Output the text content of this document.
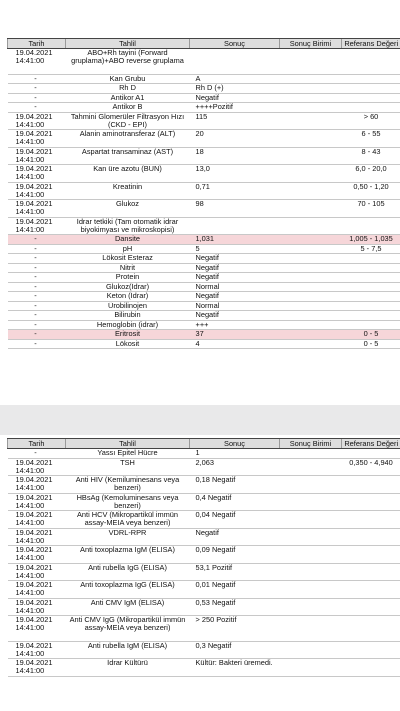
Tarih	Tahlil	Sonuç	Sonuç Birimi	Referans Değeri
19.04.2021
14:41:00	ABO+Rh tayini (Forward gruplama)+ABO reverse gruplama			
-	Kan Grubu	A		
-	Rh D	Rh D (+)		
-	Antikor A1	Negatif		
-	Antikor B	++++Pozitif		
19.04.2021
14:41:00	Tahmini Glomerüler Filtrasyon Hızı (CKD - EPI)	115		> 60
19.04.2021
14:41:00	Alanin aminotransferaz (ALT)	20		6 - 55
19.04.2021
14:41:00	Aspartat transaminaz (AST)	18		8 - 43
19.04.2021
14:41:00	Kan üre azotu (BUN)	13,0		6,0 - 20,0
19.04.2021
14:41:00	Kreatinin	0,71		0,50 - 1,20
19.04.2021
14:41:00	Glukoz	98		70 - 105
19.04.2021
14:41:00	İdrar tetkiki (Tam otomatik idrar biyokimyası ve mikroskopisi)			
-	Dansite	1,031		1,005 - 1,035
-	pH	5		5 - 7,5
-	Lökosit Esteraz	Negatif		
-	Nitrit	Negatif		
-	Protein	Negatif		
-	Glukoz(İdrar)	Normal		
-	Keton (İdrar)	Negatif		
-	Ürobilinojen	Normal		
-	Bilirubin	Negatif		
-	Hemoglobin (idrar)	+++		
-	Eritrosit	37		0 - 5
-	Lökosit	4		0 - 5
Tarih	Tahlil	Sonuç	Sonuç Birimi	Referans Değeri
-	Yassı Epitel Hücre	1		
19.04.2021
14:41:00	TSH	2,063		0,350 - 4,940
19.04.2021
14:41:00	Anti HIV (Kemiluminesans veya benzeri)	0,18 Negatif		
19.04.2021
14:41:00	HBsAg (Kemoluminesans veya benzeri)	0,4 Negatif		
19.04.2021
14:41:00	Anti HCV (Mikropartikül immün assay-MEIA veya benzeri)	0,04 Negatif		
19.04.2021
14:41:00	VDRL-RPR	Negatif		
19.04.2021
14:41:00	Anti toxoplazma IgM (ELISA)	0,09 Negatif		
19.04.2021
14:41:00	Anti rubella IgG (ELISA)	53,1 Pozitif		
19.04.2021
14:41:00	Anti toxoplazma IgG (ELISA)	0,01 Negatif		
19.04.2021
14:41:00	Anti CMV IgM (ELISA)	0,53 Negatif		
19.04.2021
14:41:00	Anti CMV IgG (Mikropartikül immün assay-MEIA veya benzeri)	> 250 Pozitif		
19.04.2021
14:41:00	Anti rubella IgM (ELISA)	0,3 Negatif		
19.04.2021
14:41:00	İdrar Kültürü	Kültür: Bakteri üremedi.		
